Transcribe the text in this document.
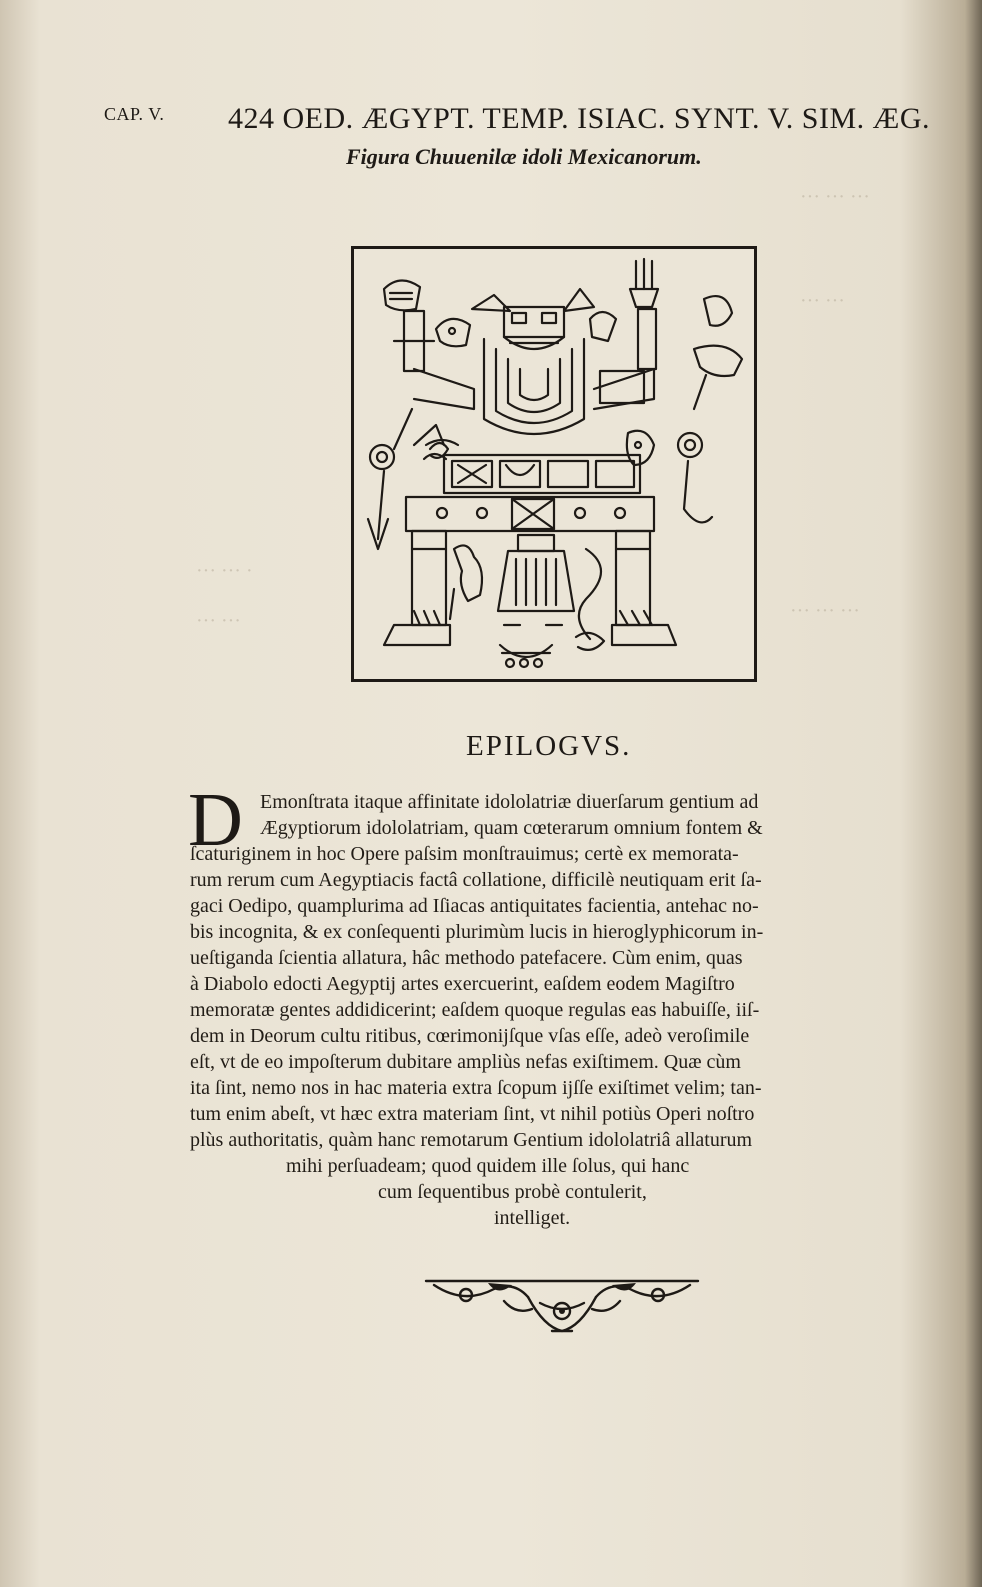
··· ··· ···
··· ···
··· ··· ·
··· ···	··· ··· ···
CAP. V. 424 OED. ÆGYPT. TEMP. ISIAC. SYNT. V. SIM. ÆG.
Figura Chuuenilæ idoli Mexicanorum.
EPILOGVS.
D Emonſtrata itaque affinitate idololatriæ diuerſarum gentium ad
Ægyptiorum idololatriam, quam cœterarum omnium fontem &
ſcaturiginem in hoc Opere paſsim monſtrauimus; certè ex memorata-
rum rerum cum Aegyptiacis factâ collatione, difficilè neutiquam erit ſa-
gaci Oedipo, quamplurima ad Iſiacas antiquitates facientia, antehac no-
bis incognita, & ex conſequenti plurimùm lucis in hieroglyphicorum in-
ueſtiganda ſcientia allatura, hâc methodo patefacere. Cùm enim, quas
à Diabolo edocti Aegyptij artes exercuerint, eaſdem eodem Magiſtro
memoratæ gentes addidicerint; eaſdem quoque regulas eas habuiſſe, iiſ-
dem in Deorum cultu ritibus, cœrimonijſque vſas eſſe, adeò veroſimile
eſt, vt de eo impoſterum dubitare ampliùs nefas exiſtimem. Quæ cùm
ita ſint, nemo nos in hac materia extra ſcopum ijſſe exiſtimet velim; tan-
tum enim abeſt, vt hæc extra materiam ſint, vt nihil potiùs Operi noſtro
plùs authoritatis, quàm hanc remotarum Gentium idololatriâ allaturum
mihi perſuadeam; quod quidem ille ſolus, qui hanc
cum ſequentibus probè contulerit,
intelliget.
